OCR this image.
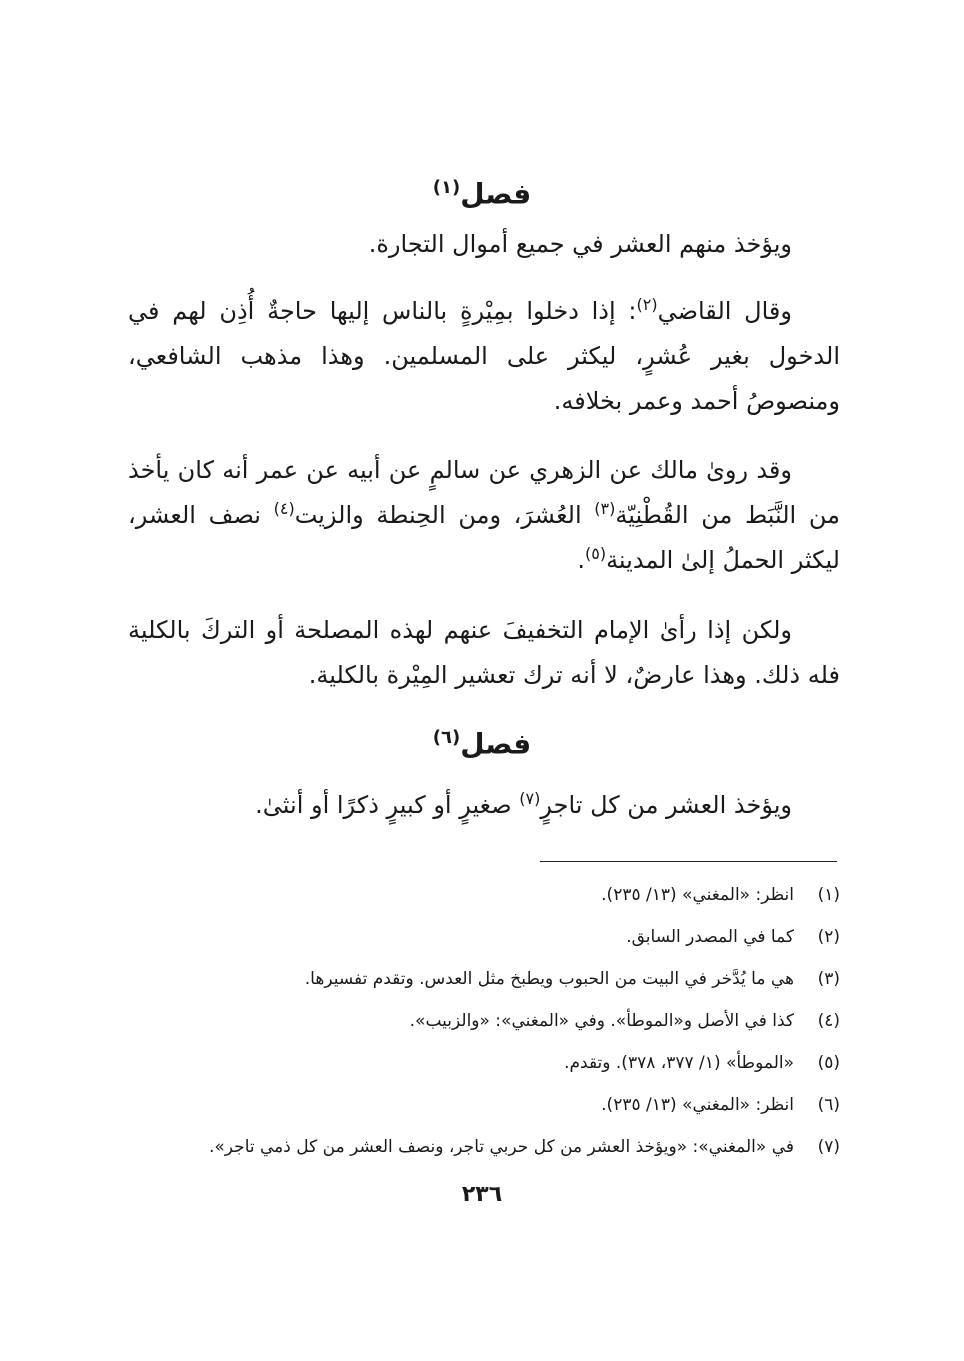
فصل$^{(١)}$
ويؤخذ منهم العشر في جميع أموال التجارة.
وقال القاضي$^{(٢)}$: إذا دخلوا بمِيْرةٍ بالناس إليها حاجةٌ أُذِن لهم في الدخول بغير عُشرٍ، ليكثر على المسلمين. وهذا مذهب الشافعي، ومنصوصُ أحمد وعمر بخلافه.
وقد روىٰ مالك عن الزهري عن سالمٍ عن أبيه عن عمر أنه كان يأخذ من النَّبَط من القُطْنِيّة$^{(٣)}$ العُشرَ، ومن الحِنطة والزيت$^{(٤)}$ نصف العشر، ليكثر الحملُ إلىٰ المدينة$^{(٥)}$.
ولكن إذا رأىٰ الإمام التخفيفَ عنهم لهذه المصلحة أو التركَ بالكلية فله ذلك. وهذا عارضٌ، لا أنه ترك تعشير المِيْرة بالكلية.
فصل$^{(٦)}$
ويؤخذ العشر من كل تاجرٍ$^{(٧)}$ صغيرٍ أو كبيرٍ ذكرًا أو أنثىٰ.
(١)انظر: «المغني» (١٣/ ٢٣٥).
(٢)كما في المصدر السابق.
(٣)هي ما يُدَّخر في البيت من الحبوب ويطبخ مثل العدس. وتقدم تفسيرها.
(٤)كذا في الأصل و«الموطأ». وفي «المغني»: «والزبيب».
(٥)«الموطأ» (١/ ٣٧٧، ٣٧٨). وتقدم.
(٦)انظر: «المغني» (١٣/ ٢٣٥).
(٧)في «المغني»: «ويؤخذ العشر من كل حربي تاجر، ونصف العشر من كل ذمي تاجر».
٢٣٦
